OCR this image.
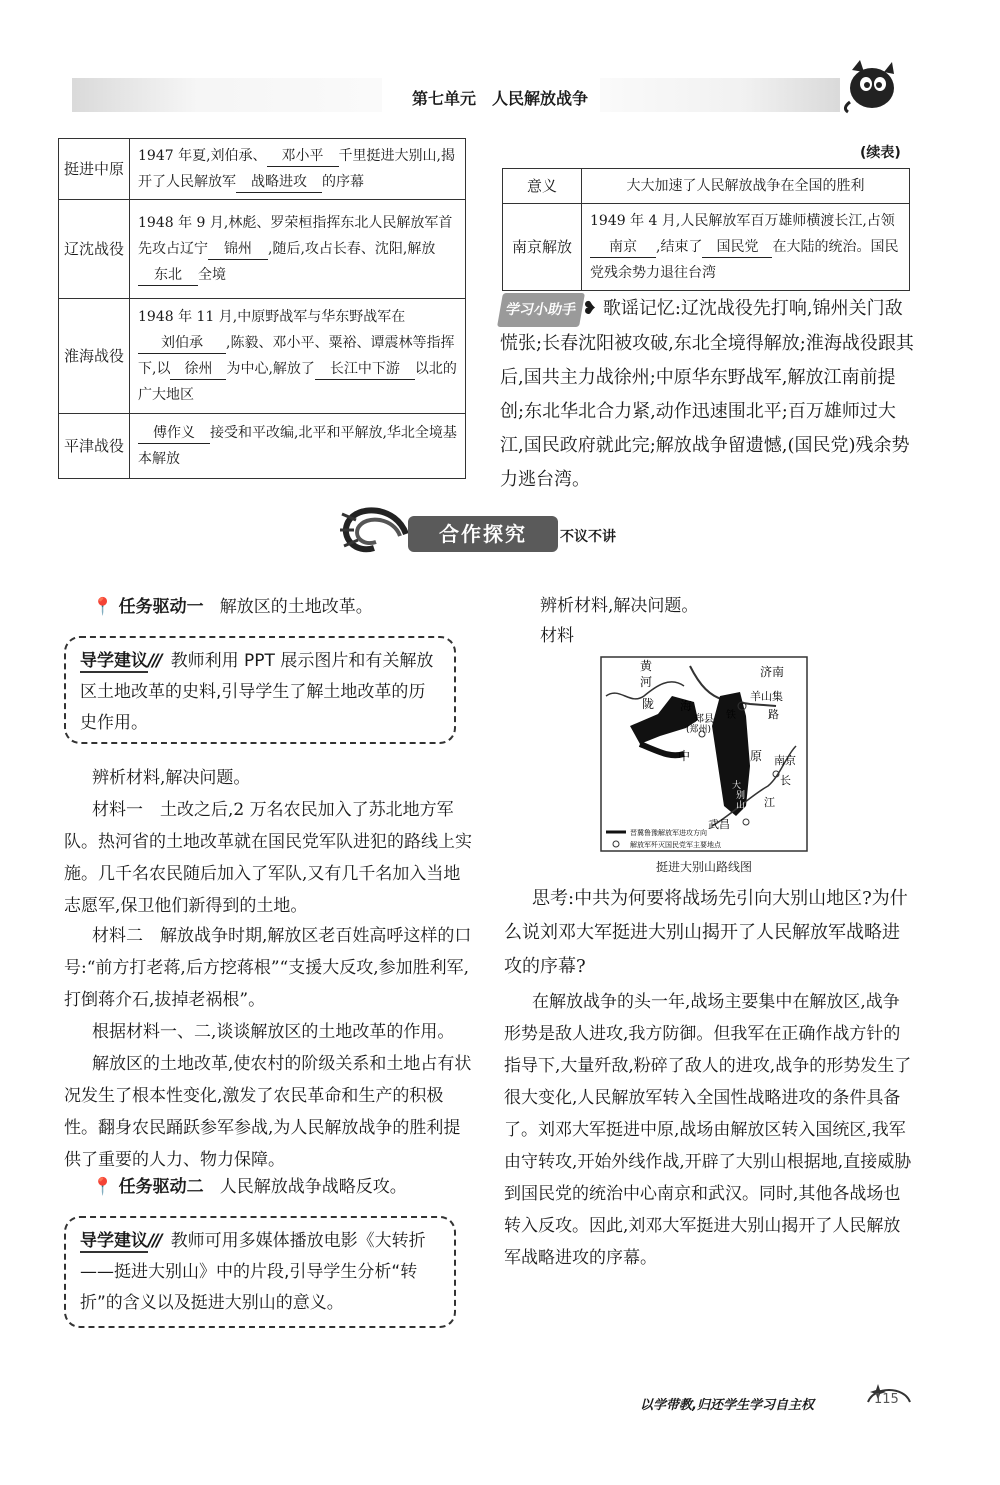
第七单元　人民解放战争
挺进中原	1947 年夏,刘伯承、 邓小平 千里挺进大别山,揭开了人民解放军 战略进攻 的序幕
辽沈战役	1948 年 9 月,林彪、罗荣桓指挥东北人民解放军首先攻占辽宁 锦州 ,随后,攻占长春、沈阳,解放东北 全境
淮海战役	1948 年 11 月,中原野战军与华东野战军在刘伯承 ,陈毅、邓小平、粟裕、谭震林等指挥下,以 徐州 为中心,解放了 长江中下游 以北的广大地区
平津战役	傅作义 接受和平改编,北平和平解放,华北全境基本解放
(续表)
意义	大大加速了人民解放战争在全国的胜利
南京解放	1949 年 4 月,人民解放军百万雄师横渡长江,占领南京 ,结束了 国民党 在大陆的统治。国民党残余势力退往台湾
学习小助手 ❥ 歌谣记忆:辽沈战役先打响,锦州关门敌慌张;长春沈阳被攻破,东北全境得解放;淮海战役跟其后,国共主力战徐州;中原华东野战军,解放江南前提创;东北华北合力紧,动作迅速围北平;百万雄师过大江,国民政府就此完;解放战争留遗憾,(国民党)残余势力逃台湾。
合作探究	不议不讲
📍 任务驱动一 解放区的土地改革。
导学建议/// 教师利用 PPT 展示图片和有关解放区土地改革的史料,引导学生了解土地改革的历史作用。
辨析材料,解决问题。
材料一　土改之后,2 万名农民加入了苏北地方军队。热河省的土地改革就在国民党军队进犯的路线上实施。几千名农民随后加入了军队,又有几千名加入当地志愿军,保卫他们新得到的土地。
材料二　解放战争时期,解放区老百姓高呼这样的口号:“前方打老蒋,后方挖蒋根”“支援大反攻,参加胜利军,打倒蒋介石,拔掉老祸根”。
根据材料一、二,谈谈解放区的土地改革的作用。
解放区的土地改革,使农村的阶级关系和土地占有状况发生了根本性变化,激发了农民革命和生产的积极性。翻身农民踊跃参军参战,为人民解放战争的胜利提供了重要的人力、物力保障。
📍 任务驱动二 人民解放战争战略反攻。
导学建议/// 教师可用多媒体播放电影《大转折——挺进大别山》中的片段,引导学生分析“转折”的含义以及挺进大别山的意义。
辨析材料,解决问题。
材料
黄
河
陇 海
郑 县
(郑州)
济南
羊山集
铁	路
中	原 南京
长
江
武昌
大
别
山
晋冀鲁豫解放军进攻方向
解放军歼灭国民党军主要地点
挺进大别山路线图
思考:中共为何要将战场先引向大别山地区?为什么说刘邓大军挺进大别山揭开了人民解放军战略进攻的序幕?
在解放战争的头一年,战场主要集中在解放区,战争形势是敌人进攻,我方防御。但我军在正确作战方针的指导下,大量歼敌,粉碎了敌人的进攻,战争的形势发生了很大变化,人民解放军转入全国性战略进攻的条件具备了。刘邓大军挺进中原,战场由解放区转入国统区,我军由守转攻,开始外线作战,开辟了大别山根据地,直接威胁到国民党的统治中心南京和武汉。同时,其他各战场也转入反攻。因此,刘邓大军挺进大别山揭开了人民解放军战略进攻的序幕。
以学带教,归还学生学习自主权	115
